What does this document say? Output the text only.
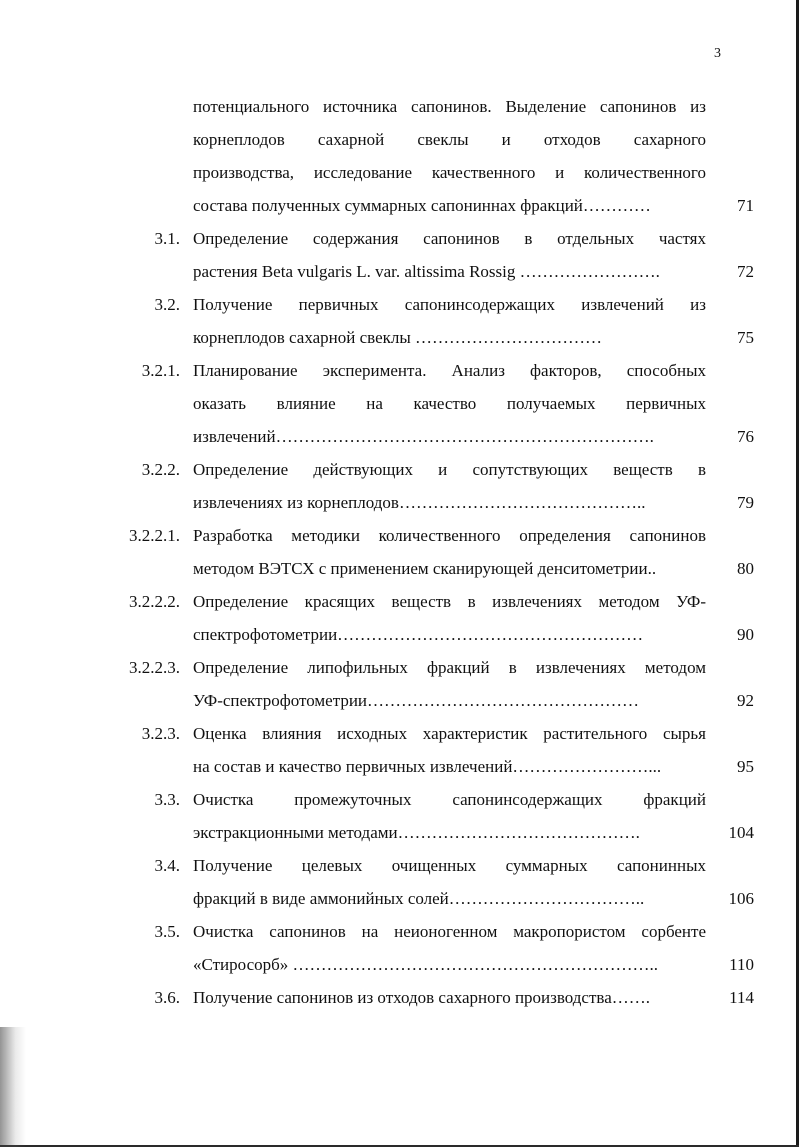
3
потенциального источника сапонинов. Выделение сапонинов из
корнеплодов сахарной свеклы и отходов сахарного
производства, исследование качественного и количественного
состава полученных суммарных сапониннах фракций…………	71
3.1. Определение содержания сапонинов в отдельных частях
растения Beta vulgaris L. var. altissima Rossig …………………….	72
3.2. Получение первичных сапонинсодержащих извлечений из
корнеплодов сахарной свеклы ……………………………	75
3.2.1. Планирование эксперимента. Анализ факторов, способных
оказать влияние на качество получаемых первичных
извлечений………………………………………………………….	76
3.2.2. Определение действующих и сопутствующих веществ в
извлечениях из корнеплодов……………………………………..	79
3.2.2.1. Разработка методики количественного определения сапонинов
методом ВЭТСХ с применением сканирующей денситометрии..	80
3.2.2.2. Определение красящих веществ в извлечениях методом УФ-
спектрофотометрии………………………………………………	90
3.2.2.3. Определение липофильных фракций в извлечениях методом
УФ-спектрофотометрии…………………………………………	92
3.2.3. Оценка влияния исходных характеристик растительного сырья
на состав и качество первичных извлечений……………………...	95
3.3. Очистка промежуточных сапонинсодержащих фракций
экстракционными методами…………………………………….	104
3.4. Получение целевых очищенных суммарных сапонинных
фракций в виде аммонийных солей……………………………..	106
3.5. Очистка сапонинов на неионогенном макропористом сорбенте
«Стиросорб» ………………………………………………………..	110
3.6. Получение сапонинов из отходов сахарного производства…….	114
